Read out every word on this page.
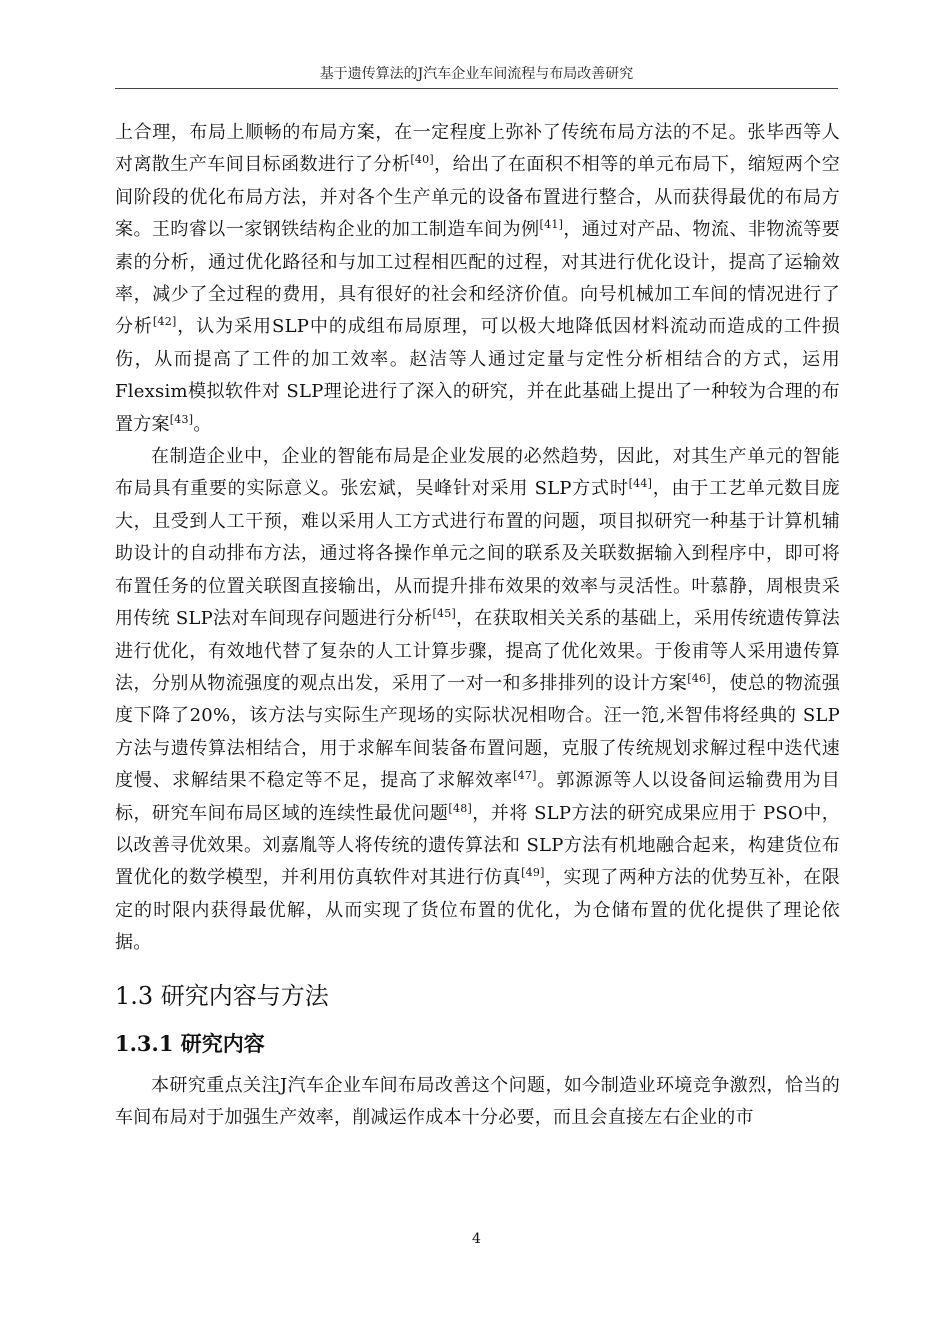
基于遗传算法的J汽车企业车间流程与布局改善研究

上合理，布局上顺畅的布局方案，在一定程度上弥补了传统布局方法的不足。张毕西等人对离散生产车间目标函数进行了分析[40]，给出了在面积不相等的单元布局下，缩短两个空间阶段的优化布局方法，并对各个生产单元的设备布置进行整合，从而获得最优的布局方案。王昀睿以一家钢铁结构企业的加工制造车间为例[41]，通过对产品、物流、非物流等要素的分析，通过优化路径和与加工过程相匹配的过程，对其进行优化设计，提高了运输效率，减少了全过程的费用，具有很好的社会和经济价值。向号机械加工车间的情况进行了分析[42]，认为采用SLP中的成组布局原理，可以极大地降低因材料流动而造成的工件损伤，从而提高了工件的加工效率。赵洁等人通过定量与定性分析相结合的方式，运用Flexsim模拟软件对 SLP理论进行了深入的研究，并在此基础上提出了一种较为合理的布置方案[43]。

在制造企业中，企业的智能布局是企业发展的必然趋势，因此，对其生产单元的智能布局具有重要的实际意义。张宏斌，吴峰针对采用 SLP方式时[44]，由于工艺单元数目庞大，且受到人工干预，难以采用人工方式进行布置的问题，项目拟研究一种基于计算机辅助设计的自动排布方法，通过将各操作单元之间的联系及关联数据输入到程序中，即可将布置任务的位置关联图直接输出，从而提升排布效果的效率与灵活性。叶慕静，周根贵采用传统 SLP法对车间现存问题进行分析[45]，在获取相关关系的基础上，采用传统遗传算法进行优化，有效地代替了复杂的人工计算步骤，提高了优化效果。于俊甫等人采用遗传算法，分别从物流强度的观点出发，采用了一对一和多排排列的设计方案[46]，使总的物流强度下降了20%，该方法与实际生产现场的实际状况相吻合。汪一笵,米智伟将经典的 SLP方法与遗传算法相结合，用于求解车间装备布置问题，克服了传统规划求解过程中迭代速度慢、求解结果不稳定等不足，提高了求解效率[47]。郭源源等人以设备间运输费用为目标，研究车间布局区域的连续性最优问题[48]，并将 SLP方法的研究成果应用于 PSO中，以改善寻优效果。刘嘉胤等人将传统的遗传算法和 SLP方法有机地融合起来，构建货位布置优化的数学模型，并利用仿真软件对其进行仿真[49]，实现了两种方法的优势互补，在限定的时限内获得最优解，从而实现了货位布置的优化，为仓储布置的优化提供了理论依据。

1.3 研究内容与方法
1.3.1 研究内容

本研究重点关注J汽车企业车间布局改善这个问题，如今制造业环境竞争激烈，恰当的车间布局对于加强生产效率，削减运作成本十分必要，而且会直接左右企业的市

4
